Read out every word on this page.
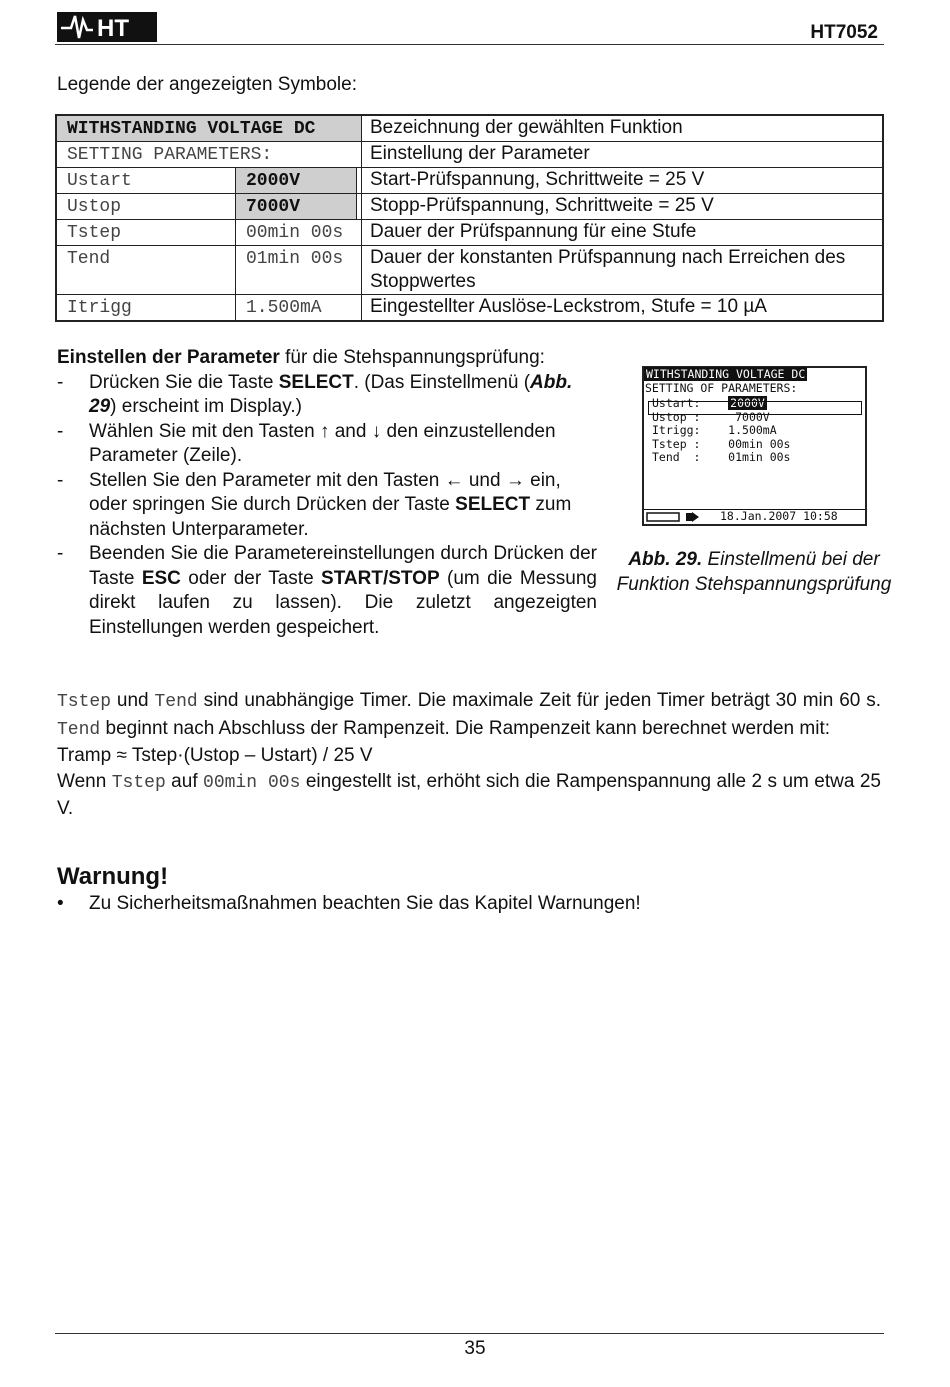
HT	HT7052
Legende der angezeigten Symbole:
WITHSTANDING VOLTAGE DC			Bezeichnung der gewählten Funktion
SETTING PARAMETERS:			Einstellung der Parameter
Ustart	2000V		Start-Prüfspannung, Schrittweite = 25 V
Ustop	7000V		Stopp-Prüfspannung, Schrittweite = 25 V
Tstep	00min 00s		Dauer der Prüfspannung für eine Stufe
Tend	01min 00s		Dauer der konstanten Prüfspannung nach Erreichen des Stoppwertes
Itrigg	1.500mA		Eingestellter Auslöse-Leckstrom, Stufe = 10 µA

Einstellen der Parameter für die Stehspannungsprüfung:

- Drücken Sie die Taste SELECT. (Das Einstellmenü (Abb. 29) erscheint im Display.)
- Wählen Sie mit den Tasten ↑ and ↓ den einzustellenden Parameter (Zeile).
- Stellen Sie den Parameter mit den Tasten ← und → ein, oder springen Sie durch Drücken der Taste SELECT zum nächsten Unterparameter.
- Beenden Sie die Parametereinstellungen durch Drücken der Taste ESC oder der Taste START/STOP (um die Messung direkt laufen zu lassen). Die zuletzt angezeigten Einstellungen werden gespeichert.
WITHSTANDING VOLTAGE DC
SETTING OF PARAMETERS:
Ustart:	2000V
Ustop :	7000V
Itrigg: 1.500mA
Tstep : 00min 00s
Tend  : 01min 00s

18.Jan.2007 10:58

Abb. 29. Einstellmenü bei der Funktion Stehspannungsprüfung

Tstep und Tend sind unabhängige Timer. Die maximale Zeit für jeden Timer beträgt 30 min 60 s. Tend beginnt nach Abschluss der Rampenzeit. Die Rampenzeit kann berechnet werden mit:

Tramp ≈ Tstep·(Ustop – Ustart) / 25 V

Wenn Tstep auf 00min 00s eingestellt ist, erhöht sich die Rampenspannung alle 2 s um etwa 25 V.

Warnung!
• Zu Sicherheitsmaßnahmen beachten Sie das Kapitel Warnungen!
35
